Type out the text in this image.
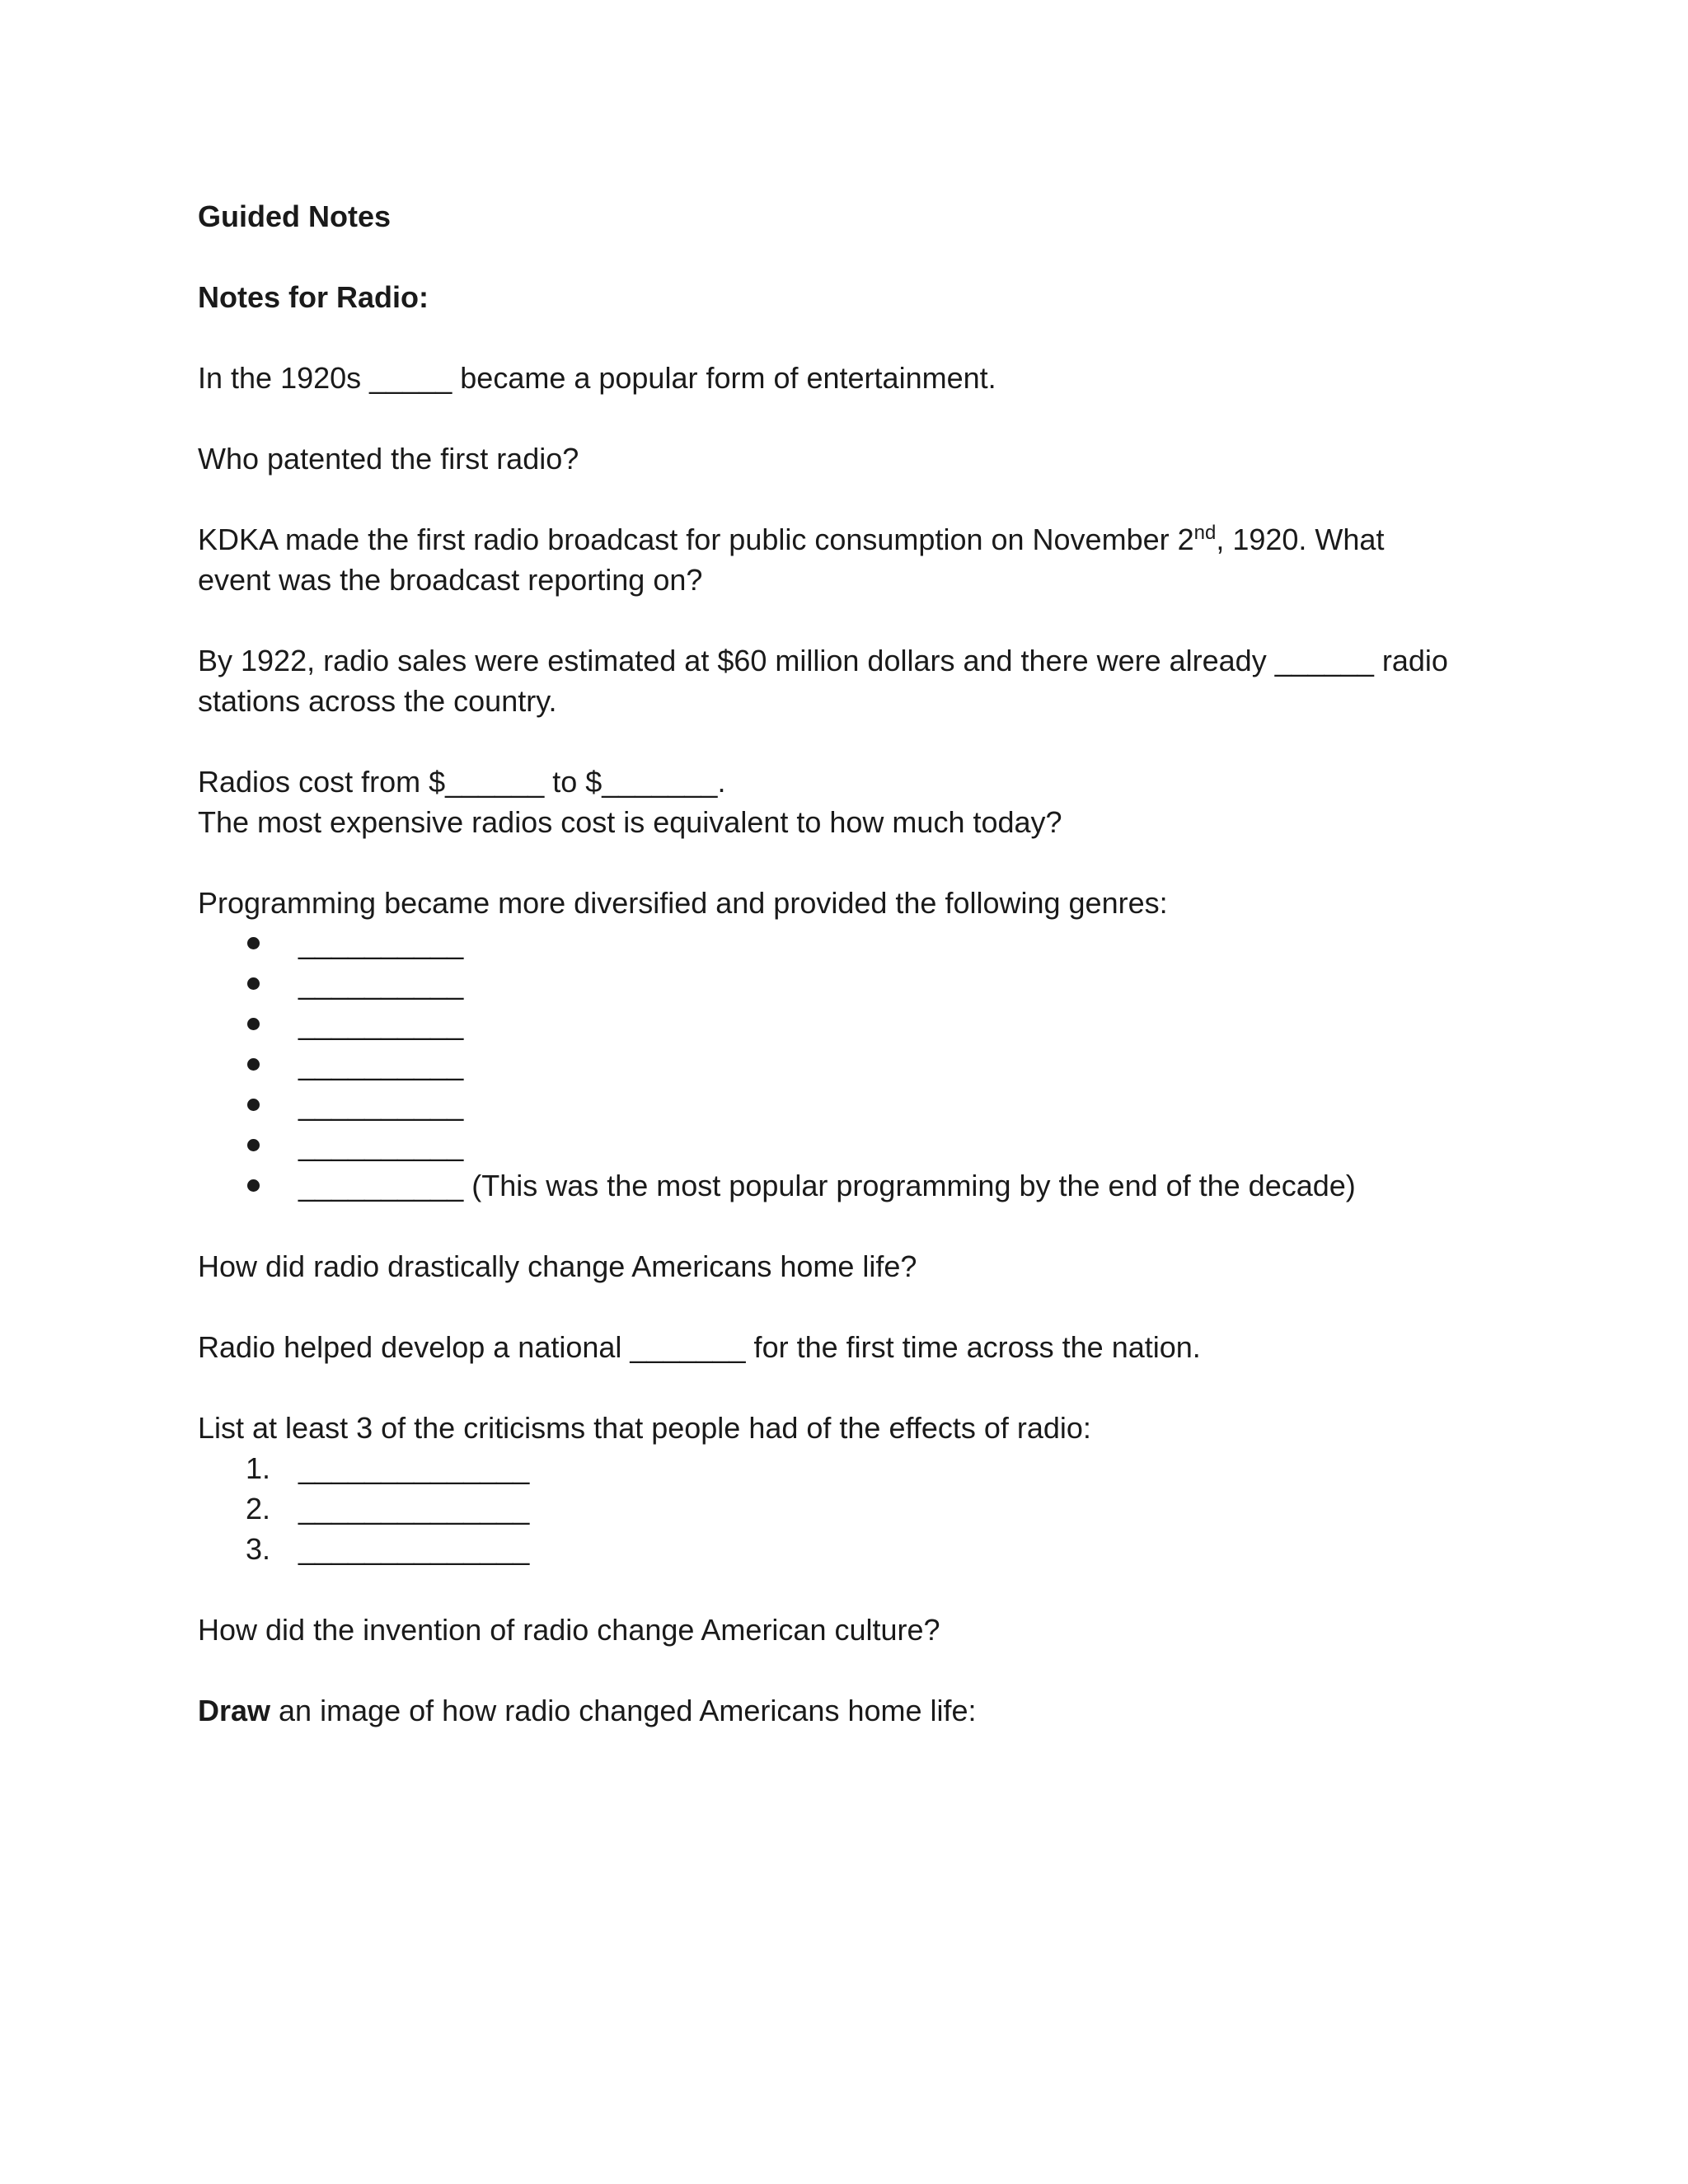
Guided Notes
Notes for Radio:
In the 1920s _____ became a popular form of entertainment.
Who patented the first radio?
KDKA made the first radio broadcast for public consumption on November 2nd, 1920. What
event was the broadcast reporting on?
By 1922, radio sales were estimated at $60 million dollars and there were already ______ radio
stations across the country.
Radios cost from $______ to $_______.
The most expensive radios cost is equivalent to how much today?
Programming became more diversified and provided the following genres:
__________
__________
__________
__________
__________
__________
__________ (This was the most popular programming by the end of the decade)
How did radio drastically change Americans home life?
Radio helped develop a national _______ for the first time across the nation.
List at least 3 of the criticisms that people had of the effects of radio:
1. ______________
2. ______________
3. ______________
How did the invention of radio change American culture?
Draw an image of how radio changed Americans home life:
